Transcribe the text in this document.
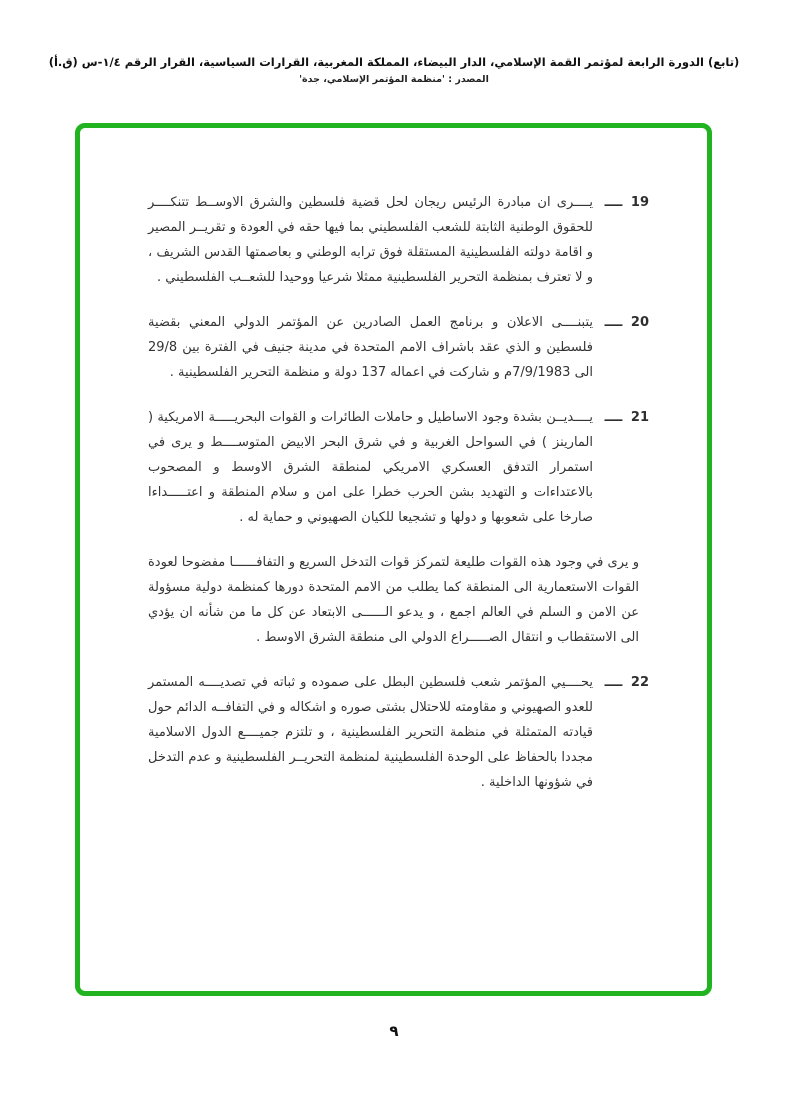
(تابع) الدورة الرابعة لمؤتمر القمة الإسلامي، الدار البيضاء، المملكة المغربية، القرارات السياسية، القرار الرقم ١/٤-س (ق.أ)
المصدر : 'منظمة المؤتمر الإسلامي، جدة'
19 ــــ
يــــرى ان مبادرة الرئيس ريجان لحل قضية فلسطين والشرق الاوســط تتنكــــر للحقوق الوطنية الثابتة للشعب الفلسطيني بما فيها حقه في العودة و تقريــر المصير و اقامة دولته الفلسطينية المستقلة فوق ترابه الوطني و بعاصمتها القدس الشريف ، و لا تعترف بمنظمة التحرير الفلسطينية ممثلا شرعيا ووحيدا للشعــب الفلسطيني .
20 ــــ
يتبنــــى الاعلان و برنامج العمل الصادرين عن المؤتمر الدولي المعني بقضية فلسطين و الذي عقد باشراف الامم المتحدة في مدينة جنيف في الفترة بين 29/8 الى 7/9/1983م و شاركت في اعماله 137 دولة و منظمة التحرير الفلسطينية .
21 ــــ
يــــديــن بشدة وجود الاساطيل و حاملات الطائرات و القوات البحريـــــة الامريكية ( المارينز ) في السواحل الغربية و في شرق البحر الابيض المتوســــط و يرى في استمرار التدفق العسكري الامريكي لمنطقة الشرق الاوسط و المصحوب بالاعتداءات و التهديد بشن الحرب خطرا على امن و سلام المنطقة و اعتـــــداءا صارخا على شعوبها و دولها و تشجيعا للكيان الصهيوني و حماية له .
و يرى في وجود هذه القوات طليعة لتمركز قوات التدخل السريع و التفافــــــا مفضوحا لعودة القوات الاستعمارية الى المنطقة كما يطلب من الامم المتحدة دورها كمنظمة دولية مسؤولة عن الامن و السلم في العالم اجمع ، و يدعو الــــــى الابتعاد عن كل ما من شأنه ان يؤدي الى الاستقطاب و انتقال الصـــــراع الدولي الى منطقة الشرق الاوسط .
22 ــــ
يحــــيي المؤتمر شعب فلسطين البطل على صموده و ثباته في تصديــــه المستمر للعدو الصهيوني و مقاومته للاحتلال بشتى صوره و اشكاله و في التفافــه الدائم حول قيادته المتمثلة في منظمة التحرير الفلسطينية ، و تلتزم جميــــع الدول الاسلامية مجددا بالحفاظ على الوحدة الفلسطينية لمنظمة التحريــر الفلسطينية و عدم التدخل في شؤونها الداخلية .
٩
